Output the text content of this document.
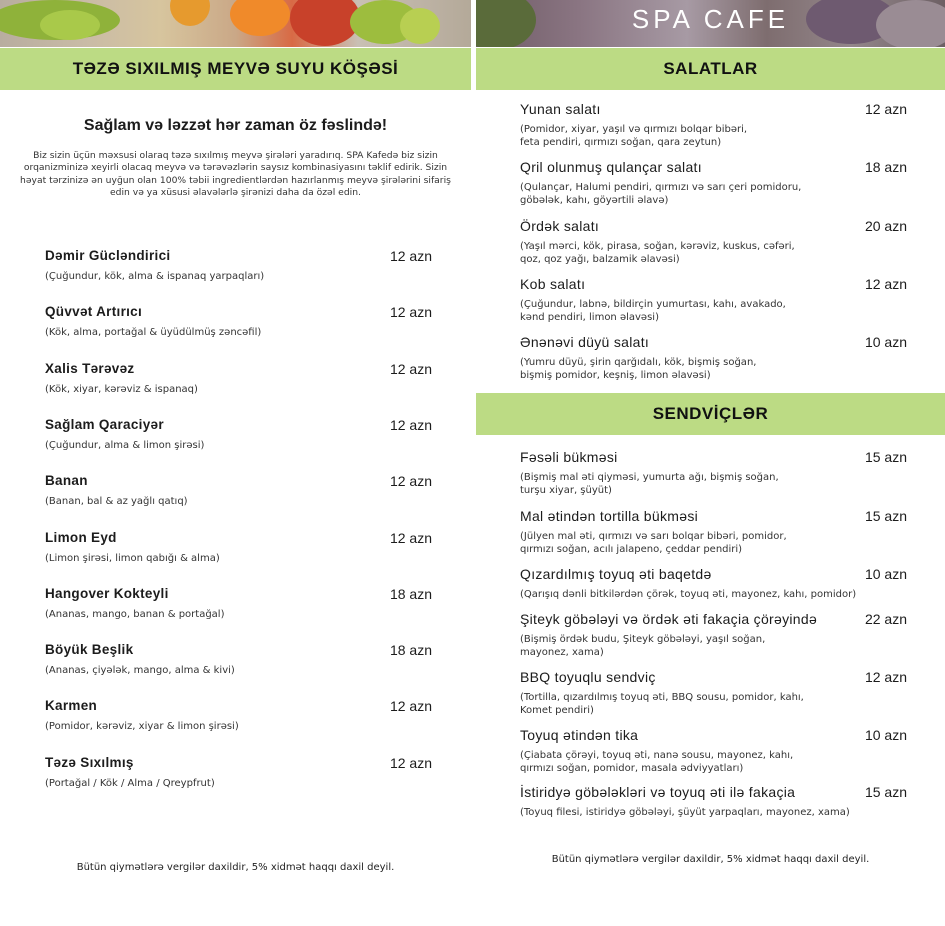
TƏZƏ SIXILMIŞ MEYVƏ SUYU KÖŞƏSİ
Sağlam və ləzzət hər zaman öz fəslində!
Biz sizin üçün məxsusi olaraq təzə sıxılmış meyvə şirələri yaradırıq. SPA Kafedə biz sizin orqanizminizə xeyirli olacaq meyvə və tərəvəzlərin saysız kombinasiyasını təklif edirik. Sizin həyat tərzinizə ən uyğun olan 100% təbii ingredientlərdən hazırlanmış meyvə şirələrini sifariş edin və ya xüsusi əlavələrlə şirənizi daha da özəl edin.
Dəmir Gücləndirici	12 azn
(Çuğundur, kök, alma & ispanaq yarpaqları)
Qüvvət Artırıcı	12 azn
(Kök, alma, portağal & üyüdülmüş zəncəfil)
Xalis Tərəvəz	12 azn
(Kök, xiyar, kərəviz & ispanaq)
Sağlam Qaraciyər	12 azn
(Çuğundur, alma & limon şirəsi)
Banan	12 azn
(Banan, bal & az yağlı qatıq)
Limon Eyd	12 azn
(Limon şirəsi, limon qabığı & alma)
Hangover Kokteyli	18 azn
(Ananas, mango, banan & portağal)
Böyük Beşlik	18 azn
(Ananas, çiyələk, mango, alma & kivi)
Karmen	12 azn
(Pomidor, kərəviz, xiyar & limon şirəsi)
Təzə Sıxılmış	12 azn
(Portağal / Kök / Alma / Qreypfrut)
Bütün qiymətlərə vergilər daxildir, 5% xidmət haqqı daxil deyil.
SPA CAFE
SALATLAR
Yunan salatı	12 azn
(Pomidor, xiyar, yaşıl və qırmızı bolqar bibəri,
feta pendiri, qırmızı soğan, qara zeytun)
Qril olunmuş qulançar salatı	18 azn
(Qulançar, Halumi pendiri, qırmızı və sarı çeri pomidoru,
göbələk, kahı, göyərtili əlavə)
Ördək salatı	20 azn
(Yaşıl mərci, kök, pirasa, soğan, kərəviz, kuskus, cəfəri,
qoz, qoz yağı, balzamik əlavəsi)
Kob salatı	12 azn
(Çuğundur, labnə, bildirçin yumurtası, kahı, avakado,
kənd pendiri, limon əlavəsi)
Ənənəvi düyü salatı	10 azn
(Yumru düyü, şirin qarğıdalı, kök, bişmiş soğan,
bişmiş pomidor, keşniş, limon əlavəsi)
SENDVİÇLƏR
Fəsəli bükməsi	15 azn
(Bişmiş mal əti qiyməsi, yumurta ağı, bişmiş soğan,
turşu xiyar, şüyüt)
Mal ətindən tortilla bükməsi	15 azn
(Jülyen mal əti, qırmızı və sarı bolqar bibəri, pomidor,
qırmızı soğan, acılı jalapeno, çeddar pendiri)
Qızardılmış toyuq əti baqetdə	10 azn
(Qarışıq dənli bitkilərdən çörək, toyuq əti, mayonez, kahı, pomidor)
Şiteyk göbələyi və ördək əti fakaçia çörəyində	22 azn
(Bişmiş ördək budu, Şiteyk göbələyi, yaşıl soğan,
mayonez, xama)
BBQ toyuqlu sendviç	12 azn
(Tortilla, qızardılmış toyuq əti, BBQ sousu, pomidor, kahı,
Komet pendiri)
Toyuq ətindən tika	10 azn
(Çiabata çörəyi, toyuq əti, nanə sousu, mayonez, kahı,
qırmızı soğan, pomidor, masala ədviyyatları)
İstiridyə göbələkləri və toyuq əti ilə fakaçia	15 azn
(Toyuq filesi, istiridyə göbələyi, şüyüt yarpaqları, mayonez, xama)
Bütün qiymətlərə vergilər daxildir, 5% xidmət haqqı daxil deyil.
